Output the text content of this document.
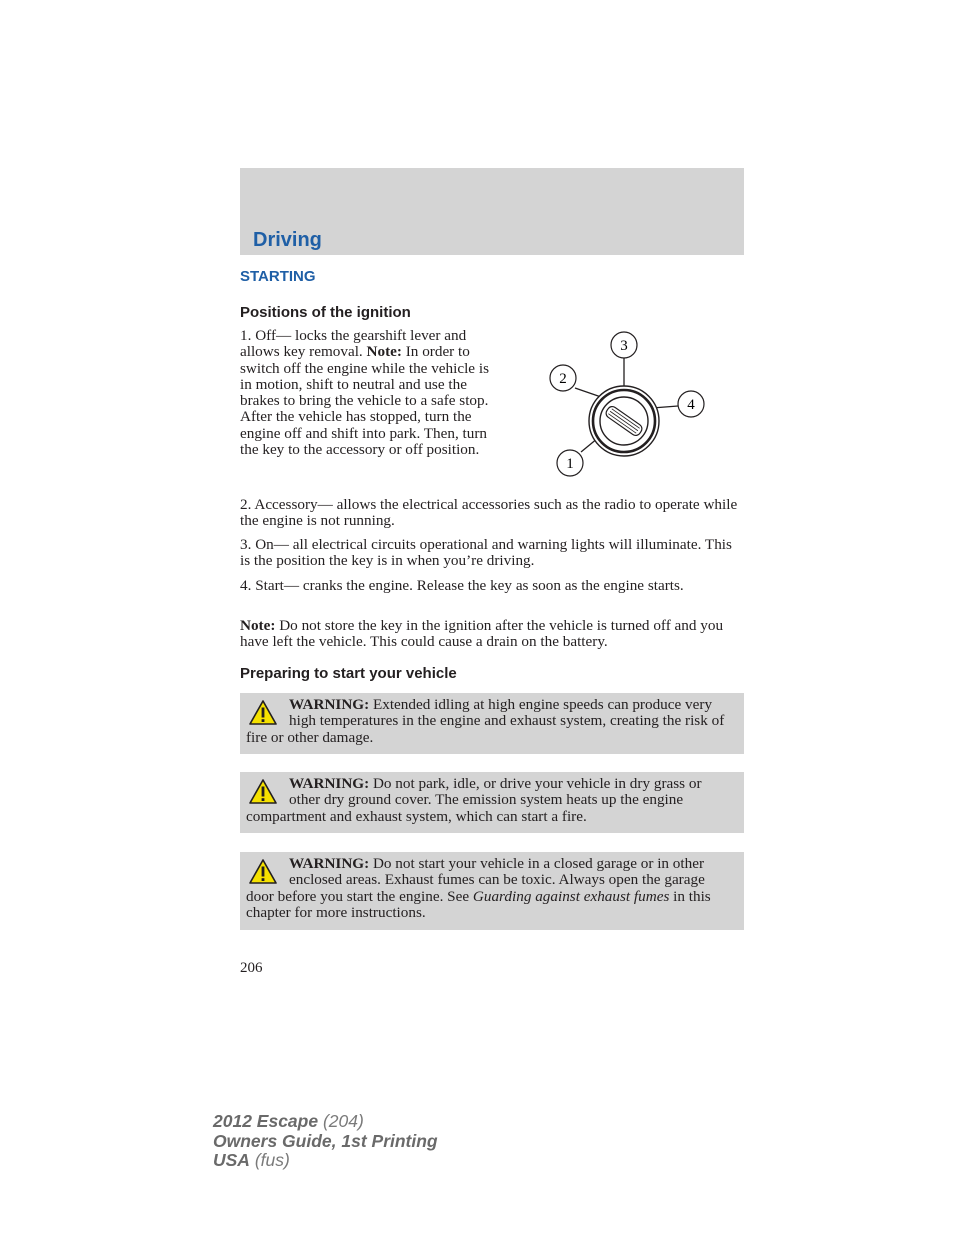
Driving
STARTING
Positions of the ignition
1. Off— locks the gearshift lever and allows key removal. Note: In order to switch off the engine while the vehicle is in motion, shift to neutral and use the brakes to bring the vehicle to a safe stop. After the vehicle has stopped, turn the engine off and shift into park. Then, turn the key to the accessory or off position.
1
2
3
4
2. Accessory— allows the electrical accessories such as the radio to operate while the engine is not running.
3. On— all electrical circuits operational and warning lights will illuminate. This is the position the key is in when you’re driving.
4. Start— cranks the engine. Release the key as soon as the engine starts.
Note: Do not store the key in the ignition after the vehicle is turned off and you have left the vehicle. This could cause a drain on the battery.
Preparing to start your vehicle
WARNING: Extended idling at high engine speeds can produce very high temperatures in the engine and exhaust system, creating the risk of fire or other damage.
WARNING: Do not park, idle, or drive your vehicle in dry grass or other dry ground cover. The emission system heats up the engine compartment and exhaust system, which can start a fire.
WARNING: Do not start your vehicle in a closed garage or in other enclosed areas. Exhaust fumes can be toxic. Always open the garage door before you start the engine. See Guarding against exhaust fumes in this chapter for more instructions.
206
2012 Escape (204)
Owners Guide, 1st Printing
USA (fus)
